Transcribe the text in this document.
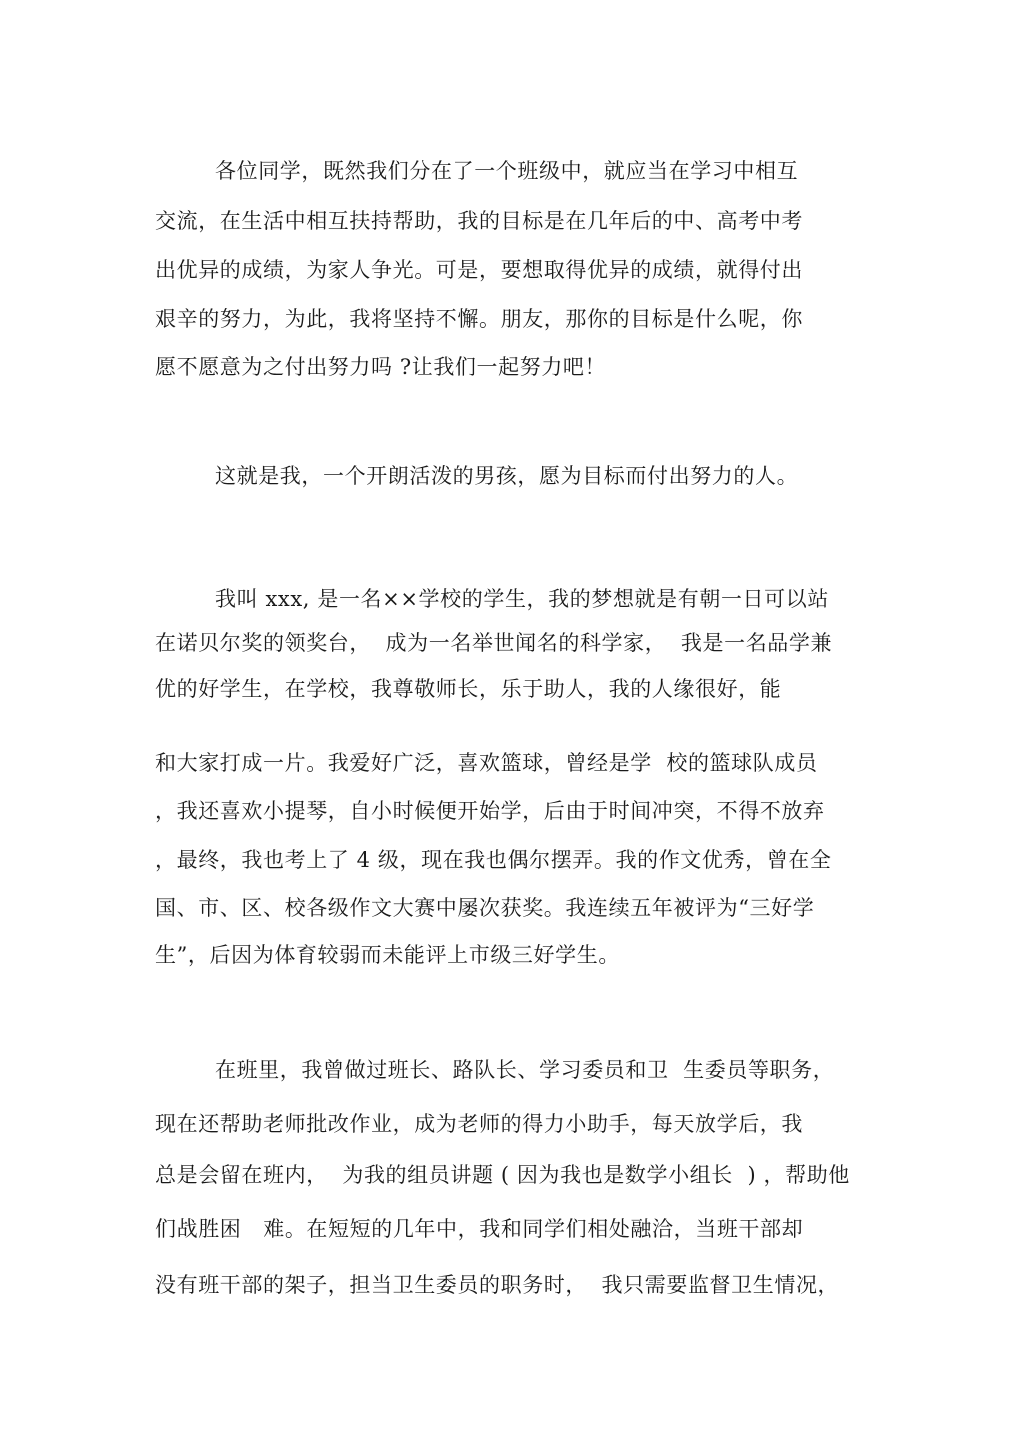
各位同学，既然我们分在了一个班级中，就应当在学习中相互
交流，在生活中相互扶持帮助，我的目标是在几年后的中、高考中考
出优异的成绩，为家人争光。可是，要想取得优异的成绩，就得付出
艰辛的努力，为此，我将坚持不懈。朋友，那你的目标是什么呢，你
愿不愿意为之付出努力吗 ?让我们一起努力吧！
这就是我，一个开朗活泼的男孩，愿为目标而付出努力的人。
我叫 xxx, 是一名××学校的学生，我的梦想就是有朝一日可以站
在诺贝尔奖的领奖台，  成为一名举世闻名的科学家，  我是一名品学兼
优的好学生，在学校，我尊敬师长，乐于助人，我的人缘很好，能
和大家打成一片。我爱好广泛，喜欢篮球，曾经是学  校的篮球队成员
，我还喜欢小提琴，自小时候便开始学，后由于时间冲突，不得不放弃
，最终，我也考上了 4 级，现在我也偶尔摆弄。我的作文优秀，曾在全
国、市、区、校各级作文大赛中屡次获奖。我连续五年被评为“三好学
生”，后因为体育较弱而未能评上市级三好学生。
在班里，我曾做过班长、路队长、学习委员和卫  生委员等职务，
现在还帮助老师批改作业，成为老师的得力小助手，每天放学后，我
总是会留在班内，  为我的组员讲题 ( 因为我也是数学小组长  ) ，帮助他
们战胜困   难。在短短的几年中，我和同学们相处融洽，当班干部却
没有班干部的架子，担当卫生委员的职务时，  我只需要监督卫生情况，
